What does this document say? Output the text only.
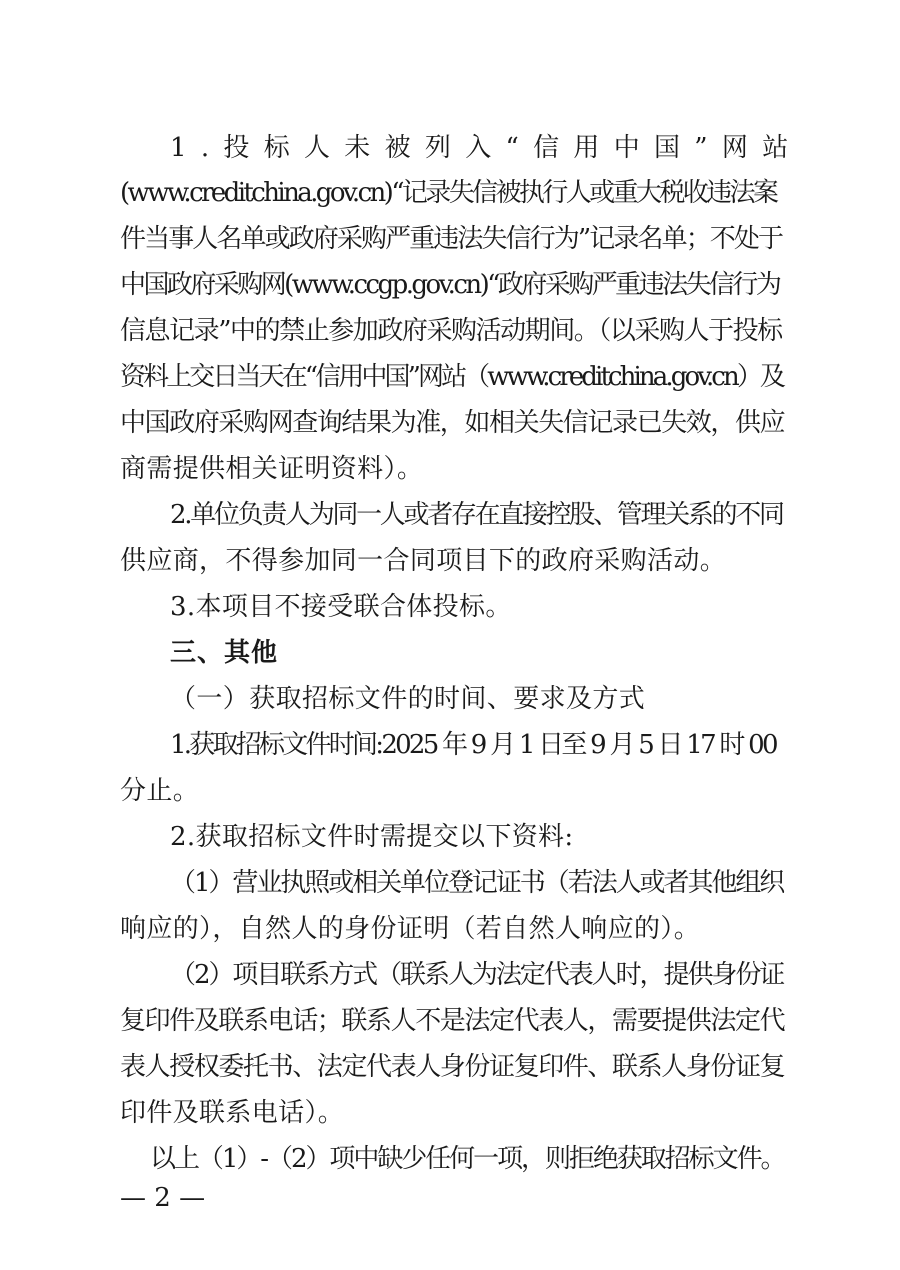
1.投标人未被列入“信用中国”网站
(www.creditchina.gov.cn)“记录失信被执行人或重大税收违法案
件当事人名单或政府采购严重违法失信行为”记录名单；不处于
中国政府采购网(www.ccgp.gov.cn)“政府采购严重违法失信行为
信息记录”中的禁止参加政府采购活动期间。（以采购人于投标
资料上交日当天在“信用中国”网站（www.creditchina.gov.cn）及
中国政府采购网查询结果为准，如相关失信记录已失效，供应
商需提供相关证明资料）。
2.单位负责人为同一人或者存在直接控股、管理关系的不同
供应商，不得参加同一合同项目下的政府采购活动。
3.本项目不接受联合体投标。
三、其他
（一）获取招标文件的时间、要求及方式
1.获取招标文件时间:2025 年 9 月 1 日至 9 月 5 日 17 时 00
分止。
2.获取招标文件时需提交以下资料:
（1）营业执照或相关单位登记证书（若法人或者其他组织
响应的），自然人的身份证明（若自然人响应的）。
（2）项目联系方式（联系人为法定代表人时，提供身份证
复印件及联系电话；联系人不是法定代表人，需要提供法定代
表人授权委托书、法定代表人身份证复印件、联系人身份证复
印件及联系电话）。
以上（1）-（2）项中缺少任何一项，则拒绝获取招标文件。
— 2 —
